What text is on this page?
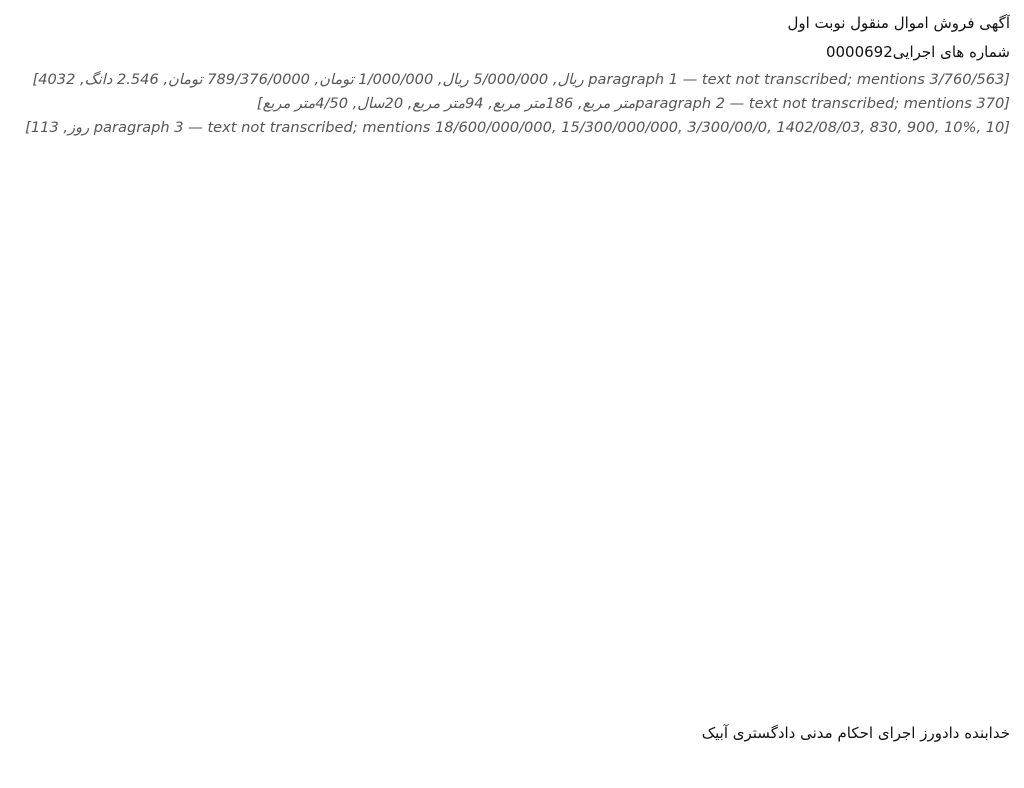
آگهی فروش اموال منقول نوبت اول
شماره های اجرایی0000692

[paragraph 1 — text not transcribed; mentions 3/760/563 ریال, 5/000/000 ریال, 1/000/000 تومان, 789/376/0000 تومان, 2.546 دانگ, 4032]

[paragraph 2 — text not transcribed; mentions 370متر مربع, 186متر مربع, 94متر مربع, 20سال, 4/50متر مربع]

[paragraph 3 — text not transcribed; mentions 18/600/000/000, 15/300/000/000, 3/300/00/0, 1402/08/03, 830, 900, 10%, 10 روز, 113]

خدابنده دادورز اجرای احکام مدنی دادگستری آبیک
